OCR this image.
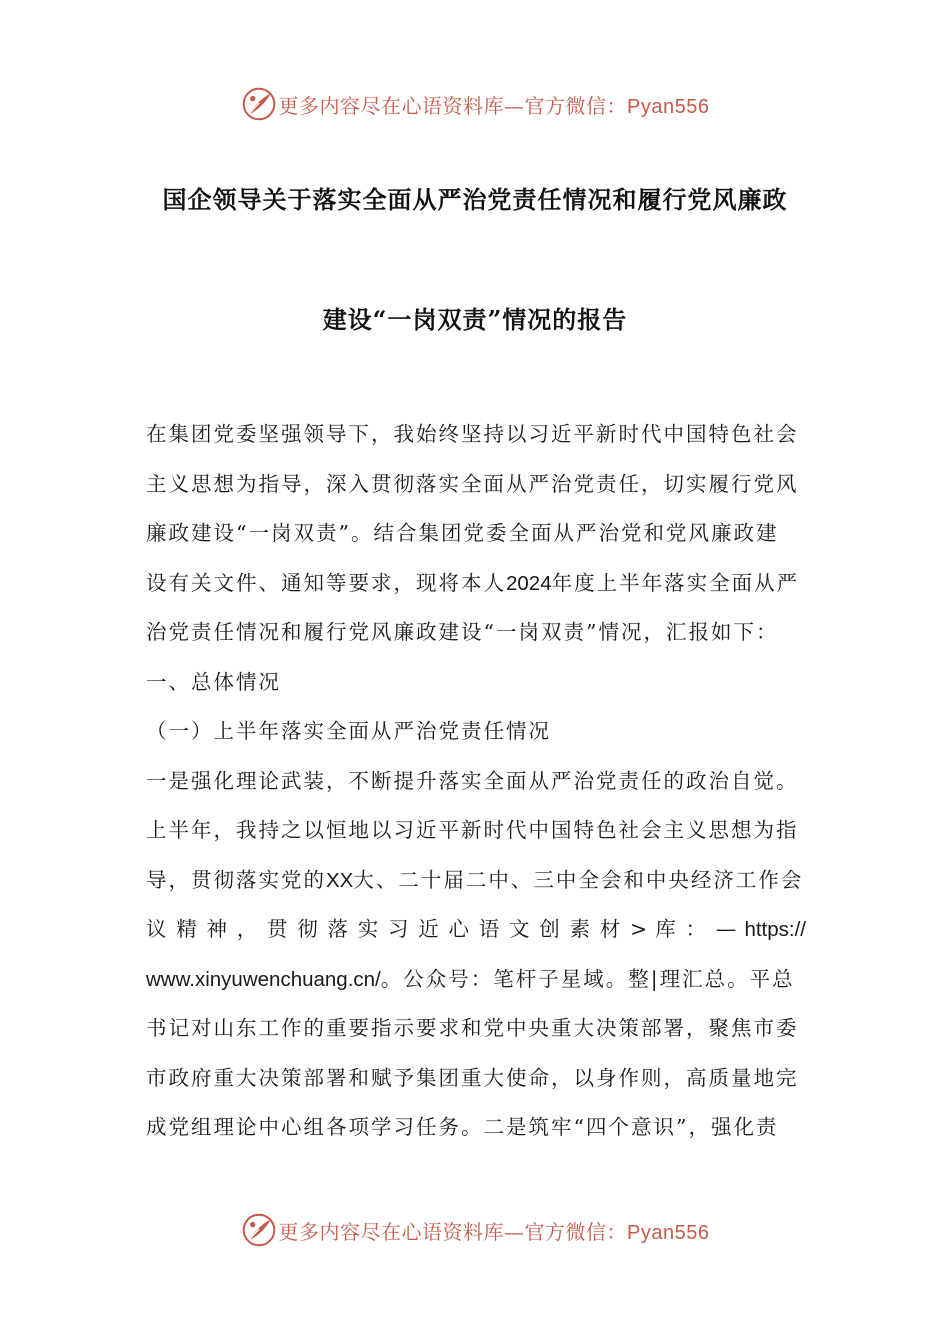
更多内容尽在心语资料库—官方微信：Pyan556
国企领导关于落实全面从严治党责任情况和履行党风廉政
建设“一岗双责”情况的报告
在集团党委坚强领导下，我始终坚持以习近平新时代中国特色社会
主义思想为指导，深入贯彻落实全面从严治党责任，切实履行党风
廉政建设“一岗双责”。结合集团党委全面从严治党和党风廉政建
设有关文件、通知等要求，现将本人2024年度上半年落实全面从严
治党责任情况和履行党风廉政建设“一岗双责”情况，汇报如下：
一、总体情况
（一）上半年落实全面从严治党责任情况
一是强化理论武装，不断提升落实全面从严治党责任的政治自觉。
上半年，我持之以恒地以习近平新时代中国特色社会主义思想为指
导，贯彻落实党的XX大、二十届二中、三中全会和中央经济工作会
议 精 神 ， 贯 彻 落 实 习 近 心 语 文 创 素 材 > 库 ： — https://
www.xinyuwenchuang.cn/。公众号：笔杆子星域。整|理汇总。平总
书记对山东工作的重要指示要求和党中央重大决策部署，聚焦市委
市政府重大决策部署和赋予集团重大使命，以身作则，高质量地完
成党组理论中心组各项学习任务。二是筑牢“四个意识”，强化责
更多内容尽在心语资料库—官方微信：Pyan556
